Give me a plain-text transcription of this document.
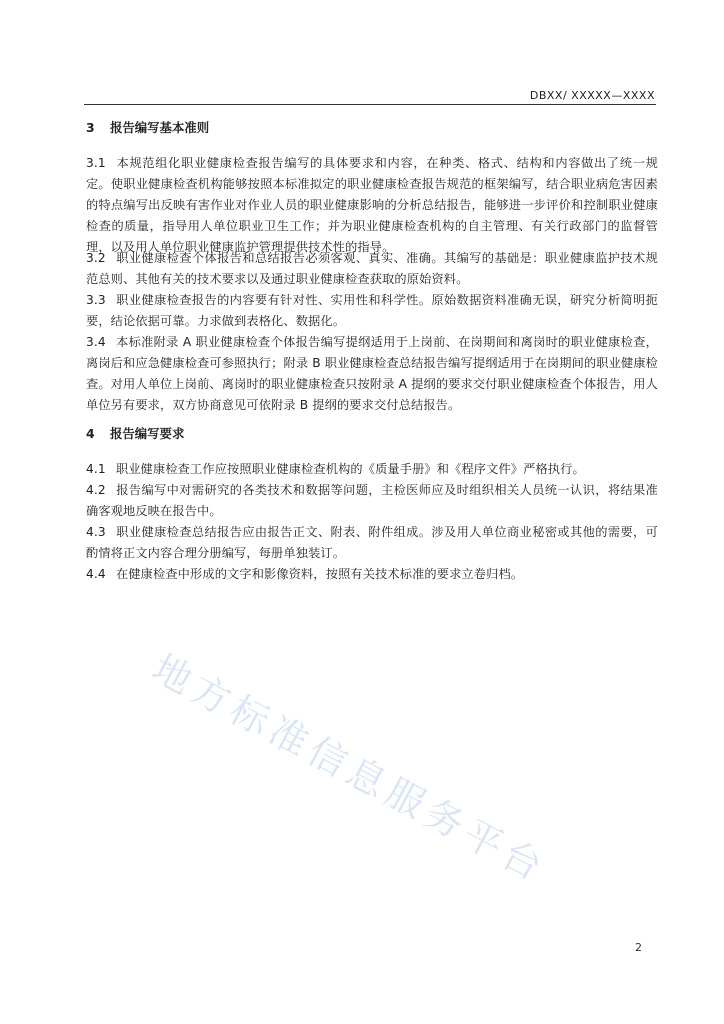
DBXX/ XXXXX—XXXX
3 报告编写基本准则

3.1 本规范组化职业健康检查报告编写的具体要求和内容，在种类、格式、结构和内容做出了统一规定。使职业健康检查机构能够按照本标准拟定的职业健康检查报告规范的框架编写，结合职业病危害因素的特点编写出反映有害作业对作业人员的职业健康影响的分析总结报告，能够进一步评价和控制职业健康检查的质量，指导用人单位职业卫生工作；并为职业健康检查机构的自主管理、有关行政部门的监督管理，以及用人单位职业健康监护管理提供技术性的指导。

3.2 职业健康检查个体报告和总结报告必须客观、真实、准确。其编写的基础是：职业健康监护技术规范总则、其他有关的技术要求以及通过职业健康检查获取的原始资料。

3.3 职业健康检查报告的内容要有针对性、实用性和科学性。原始数据资料准确无误，研究分析简明扼要，结论依据可靠。力求做到表格化、数据化。

3.4 本标准附录 A 职业健康检查个体报告编写提纲适用于上岗前、在岗期间和离岗时的职业健康检查，离岗后和应急健康检查可参照执行；附录 B 职业健康检查总结报告编写提纲适用于在岗期间的职业健康检查。对用人单位上岗前、离岗时的职业健康检查只按附录 A 提纲的要求交付职业健康检查个体报告，用人单位另有要求，双方协商意见可依附录 B 提纲的要求交付总结报告。

4 报告编写要求

4.1 职业健康检查工作应按照职业健康检查机构的《质量手册》和《程序文件》严格执行。

4.2 报告编写中对需研究的各类技术和数据等问题，主检医师应及时组织相关人员统一认识，将结果准确客观地反映在报告中。

4.3 职业健康检查总结报告应由报告正文、附表、附件组成。涉及用人单位商业秘密或其他的需要，可酌情将正文内容合理分册编写，每册单独装订。

4.4 在健康检查中形成的文字和影像资料，按照有关技术标准的要求立卷归档。

地方标准信息服务平台
2
